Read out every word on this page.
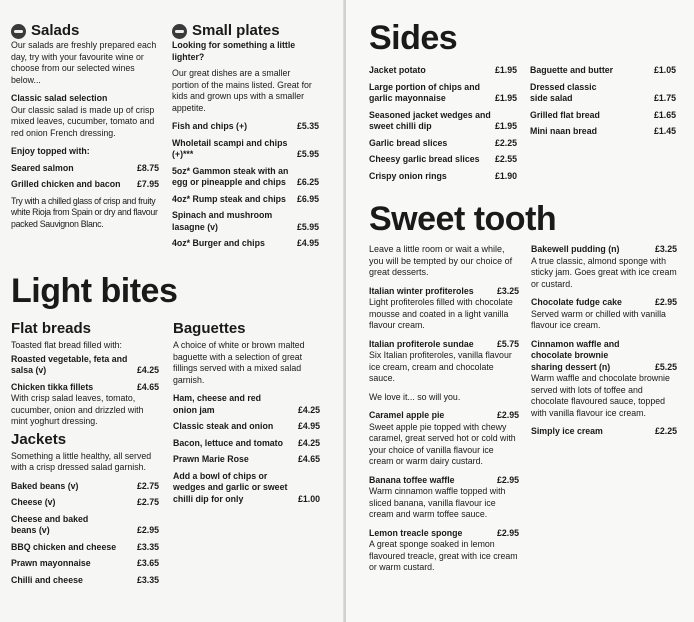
Salads

Our salads are freshly prepared each day, try with your favourite wine or choose from our selected wines below...

Classic salad selection

Our classic salad is made up of crisp mixed leaves, cucumber, tomato and red onion French dressing.

Enjoy topped with:
Seared salmon	£8.75
Grilled chicken and bacon	£7.95

Try with a chilled glass of crisp and fruity white Rioja from Spain or dry and flavour packed Sauvignon Blanc.

Small plates
Looking for something a little lighter?

Our great dishes are a smaller portion of the mains listed. Great for kids and grown ups with a smaller appetite.

Fish and chips (+)	£5.35
Wholetail scampi and chips (+)***	£5.95
5oz* Gammon steak with an egg or pineapple and chips	£6.25
4oz* Rump steak and chips	£6.95
Spinach and mushroom lasagne (v)	£5.95
4oz* Burger and chips	£4.95
Light bites
Flat breads

Toasted flat bread filled with:

Roasted vegetable, feta and salsa (v)	£4.25
Chicken tikka fillets	£4.65

With crisp salad leaves, tomato, cucumber, onion and drizzled with mint yoghurt dressing.

Jackets

Something a little healthy, all served with a crisp dressed salad garnish.

Baked beans (v)	£2.75
Cheese (v)	£2.75
Cheese and baked beans (v)	£2.95
BBQ chicken and cheese	£3.35
Prawn mayonnaise	£3.65
Chilli and cheese	£3.35
Baguettes

A choice of white or brown malted baguette with a selection of great fillings served with a mixed salad garnish.

Ham, cheese and red onion jam	£4.25
Classic steak and onion	£4.95
Bacon, lettuce and tomato	£4.25
Prawn Marie Rose	£4.65
Add a bowl of chips or wedges and garlic or sweet chilli dip for only	£1.00
Sides
Jacket potato	£1.95
Large portion of chips and garlic mayonnaise	£1.95
Seasoned jacket wedges and sweet chilli dip	£1.95
Garlic bread slices	£2.25
Cheesy garlic bread slices	£2.55
Crispy onion rings	£1.90
Baguette and butter	£1.05
Dressed classic side salad	£1.75
Grilled flat bread	£1.65
Mini naan bread	£1.45
Sweet tooth

Leave a little room or wait a while, you will be tempted by our choice of great desserts.

Italian winter profiteroles	£3.25

Light profiteroles filled with chocolate mousse and coated in a light vanilla flavour cream.

Italian profiterole sundae	£5.75

Six Italian profiteroles, vanilla flavour ice cream, cream and chocolate sauce.

We love it... so will you.
Caramel apple pie	£2.95

Sweet apple pie topped with chewy caramel, great served hot or cold with your choice of vanilla flavour ice cream or warm dairy custard.

Banana toffee waffle	£2.95

Warm cinnamon waffle topped with sliced banana, vanilla flavour ice cream and warm toffee sauce.

Lemon treacle sponge	£2.95

A great sponge soaked in lemon flavoured treacle, great with ice cream or warm custard.

Bakewell pudding (n)	£3.25

A true classic, almond sponge with sticky jam. Goes great with ice cream or custard.

Chocolate fudge cake	£2.95

Served warm or chilled with vanilla flavour ice cream.

Cinnamon waffle and chocolate brownie sharing dessert (n)	£5.25

Warm waffle and chocolate brownie served with lots of toffee and chocolate flavoured sauce, topped with vanilla flavour ice cream.

Simply ice cream	£2.25
